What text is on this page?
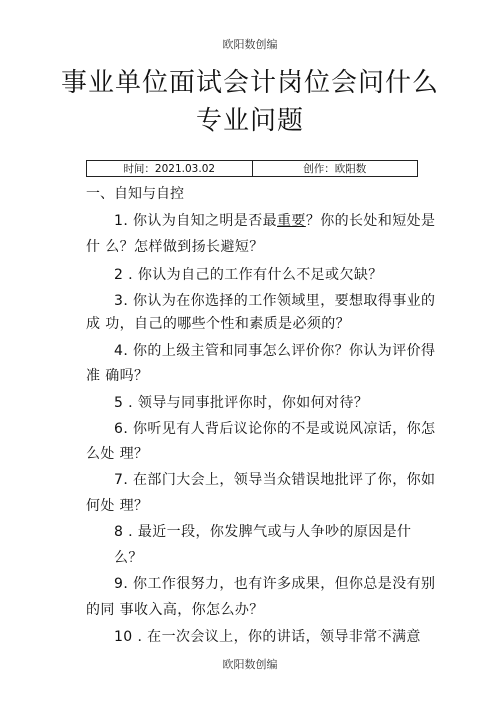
欧阳数创编
事业单位面试会计岗位会问什么
专业问题
时间：2021.03.02	创作：欧阳数
一、自知与自控
1. 你认为自知之明是否最重要？你的长处和短处是
什 么？怎样做到扬长避短？
2 . 你认为自己的工作有什么不足或欠缺？
3. 你认为在你选择的工作领域里，要想取得事业的
成 功，自己的哪些个性和素质是必须的？
4. 你的上级主管和同事怎么评价你？你认为评价得
准 确吗？
5 . 领导与同事批评你时，你如何对待？
6. 你听见有人背后议论你的不是或说风凉话，你怎
么处 理？
7. 在部门大会上，领导当众错误地批评了你，你如
何处 理？
8 . 最近一段，你发脾气或与人争吵的原因是什
么？
9. 你工作很努力，也有许多成果，但你总是没有别
的同 事收入高，你怎么办？
10 . 在一次会议上，你的讲话，领导非常不满意
欧阳数创编
